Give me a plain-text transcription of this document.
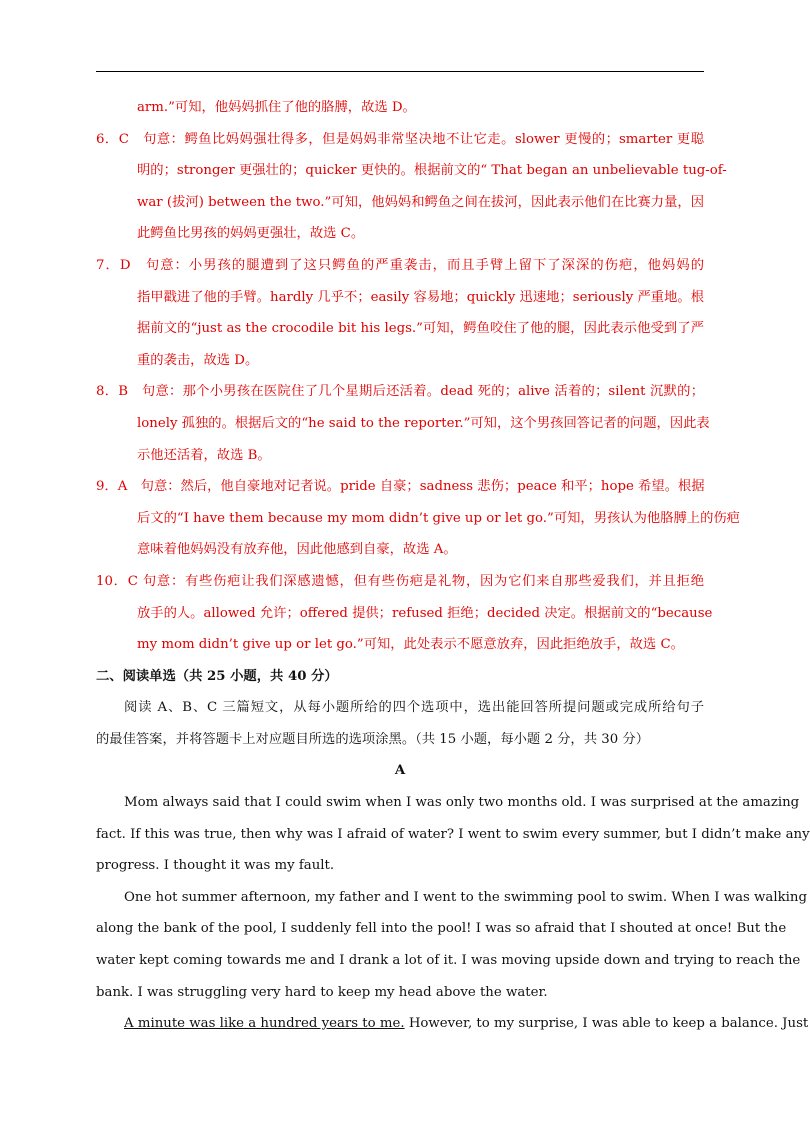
arm.”可知，他妈妈抓住了他的胳膊，故选 D。
6．C　句意：鳄鱼比妈妈强壮得多，但是妈妈非常坚决地不让它走。slower 更慢的；smarter 更聪
明的；stronger 更强壮的；quicker 更快的。根据前文的“ That began an unbelievable tug-of-
war (拔河) between the two.”可知，他妈妈和鳄鱼之间在拔河，因此表示他们在比赛力量，因
此鳄鱼比男孩的妈妈更强壮，故选 C。
7．D　句意：小男孩的腿遭到了这只鳄鱼的严重袭击，而且手臂上留下了深深的伤疤，他妈妈的
指甲戳进了他的手臂。hardly 几乎不；easily 容易地；quickly 迅速地；seriously 严重地。根
据前文的“just as the crocodile bit his legs.”可知，鳄鱼咬住了他的腿，因此表示他受到了严
重的袭击，故选 D。
8．B　句意：那个小男孩在医院住了几个星期后还活着。dead 死的；alive 活着的；silent 沉默的；
lonely 孤独的。根据后文的“he said to the reporter.”可知，这个男孩回答记者的问题，因此表
示他还活着，故选 B。
9．A　句意：然后，他自豪地对记者说。pride 自豪；sadness 悲伤；peace 和平；hope 希望。根据
后文的“I have them because my mom didn’t give up or let go.”可知，男孩认为他胳膊上的伤疤
意味着他妈妈没有放弃他，因此他感到自豪，故选 A。
10．C 句意：有些伤疤让我们深感遗憾，但有些伤疤是礼物，因为它们来自那些爱我们，并且拒绝
放手的人。allowed 允许；offered 提供；refused 拒绝；decided 决定。根据前文的“because
my mom didn’t give up or let go.”可知，此处表示不愿意放弃，因此拒绝放手，故选 C。
二、阅读单选（共 25 小题，共 40 分）
阅读 A、B、C 三篇短文，从每小题所给的四个选项中，选出能回答所提问题或完成所给句子
的最佳答案，并将答题卡上对应题目所选的选项涂黑。（共 15 小题，每小题 2 分，共 30 分）
A
Mom always said that I could swim when I was only two months old. I was surprised at the amazing
fact. If this was true, then why was I afraid of water? I went to swim every summer, but I didn’t make any
progress. I thought it was my fault.
One hot summer afternoon, my father and I went to the swimming pool to swim. When I was walking
along the bank of the pool, I suddenly fell into the pool! I was so afraid that I shouted at once! But the
water kept coming towards me and I drank a lot of it. I was moving upside down and trying to reach the
bank. I was struggling very hard to keep my head above the water.
A minute was like a hundred years to me. However, to my surprise, I was able to keep a balance. Just
